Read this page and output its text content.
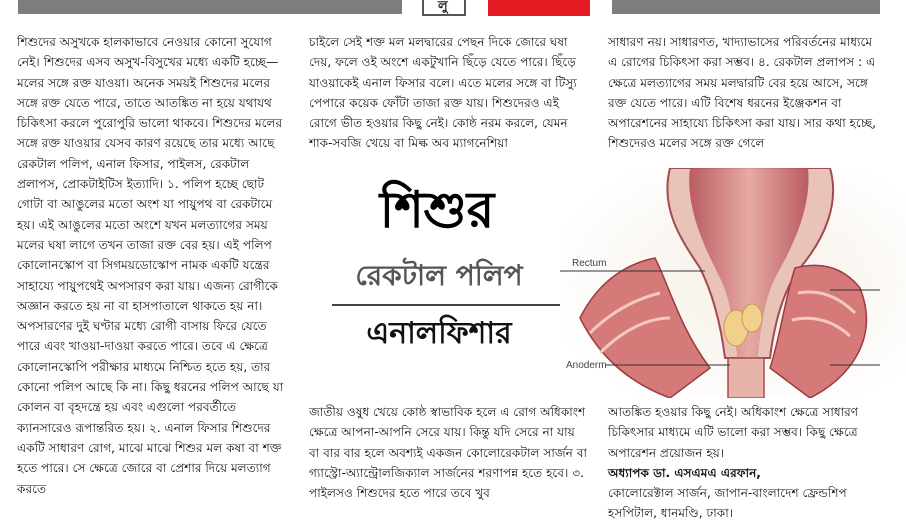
লু

শিশুদের অসুখকে হালকাভাবে নেওয়ার কোনো সুযোগ নেই। শিশুদের এসব অসুখ-বিসুখের মধ্যে একটি হচ্ছে—মলের সঙ্গে রক্ত যাওয়া। অনেক সময়ই শিশুদের মলের সঙ্গে রক্ত যেতে পারে, তাতে আতঙ্কিত না হয়ে যথাযথ চিকিৎসা করলে পুরোপুরি ভালো থাকবে। শিশুদের মলের সঙ্গে রক্ত যাওয়ার যেসব কারণ রয়েছে তার মধ্যে আছে রেকটাল পলিপ, এনাল ফিসার, পাইলস, রেকটাল প্রলাপস, প্রোকটাইটিস ইত্যাদি। ১. পলিপ হচ্ছে ছোট গোটা বা আঙুলের মতো অংশ যা পায়ুপথ বা রেকটামে হয়। এই আঙুলের মতো অংশে যখন মলত্যাগের সময় মলের ঘষা লাগে তখন তাজা রক্ত বের হয়। এই পলিপ কোলোনস্কোপ বা সিগময়ডোস্কোপ নামক একটি যন্ত্রের সাহায্যে পায়ুপথেই অপসারণ করা যায়। এজন্য রোগীকে অজ্ঞান করতে হয় না বা হাসপাতালে থাকতে হয় না। অপসারণের দুই ঘণ্টার মধ্যে রোগী বাসায় ফিরে যেতে পারে এবং খাওয়া-দাওয়া করতে পারে। তবে এ ক্ষেত্রে কোলোনস্কোপি পরীক্ষার মাধ্যমে নিশ্চিত হতে হয়, তার কোনো পলিপ আছে কি না। কিছু ধরনের পলিপ আছে যা কোলন বা বৃহদন্ত্রে হয় এবং এগুলো পরবর্তীতে ক্যানসারেও রূপান্তরিত হয়। ২. এনাল ফিসার শিশুদের একটি সাধারণ রোগ, মাঝে মাঝে শিশুর মল কষা বা শক্ত হতে পারে। সে ক্ষেত্রে জোরে বা প্রেশার দিয়ে মলত্যাগ করতে

চাইলে সেই শক্ত মল মলদ্বারের পেছন দিকে জোরে ঘষা দেয়, ফলে ওই অংশে একটুখানি ছিঁড়ে যেতে পারে। ছিঁড়ে যাওয়াকেই এনাল ফিসার বলে। এতে মলের সঙ্গে বা টিস্যু পেপারে কয়েক ফোঁটা তাজা রক্ত যায়। শিশুদেরও এই রোগে ভীত হওয়ার কিছু নেই। কোষ্ঠ নরম করলে, যেমন শাক-সবজি খেয়ে বা মিল্ক অব ম্যাগনেশিয়া

শিশুর
রেকটাল পলিপ
এনালফিশার

জাতীয় ওষুধ খেয়ে কোষ্ঠ স্বাভাবিক হলে এ রোগ অধিকাংশ ক্ষেত্রে আপনা-আপনি সেরে যায়। কিন্তু যদি সেরে না যায় বা বার বার হলে অবশ্যই একজন কোলোরেকটাল সার্জন বা গ্যাস্ট্রো-অ্যান্ট্রোলজিক্যাল সার্জনের শরণাপন্ন হতে হবে। ৩. পাইলসও শিশুদের হতে পারে তবে খুব

সাধারণ নয়। সাধারণত, খাদ্যাভাসের পরিবর্তনের মাধ্যমে এ রোগের চিকিৎসা করা সম্ভব। ৪. রেকটাল প্রলাপস : এ ক্ষেত্রে মলত্যাগের সময় মলদ্বারটি বের হয়ে আসে, সঙ্গে রক্ত যেতে পারে। এটি বিশেষ ধরনের ইঞ্জেকশন বা অপারেশনের সাহায্যে চিকিৎসা করা যায়। সার কথা হচ্ছে, শিশুদেরও মলের সঙ্গে রক্ত গেলে

আতঙ্কিত হওয়ার কিছু নেই। অধিকাংশ ক্ষেত্রে সাধারণ চিকিৎসার মাধ্যমে এটি ভালো করা সম্ভব। কিছু ক্ষেত্রে অপারেশন প্রয়োজন হয়।

অধ্যাপক ডা. এসএমএ এরফান,

কোলোরেক্টাল সার্জন, জাপান-বাংলাদেশ ফ্রেন্ডশিপ হসপিটাল, ধানমণ্ডি, ঢাকা।

Rectum
Anoderm
